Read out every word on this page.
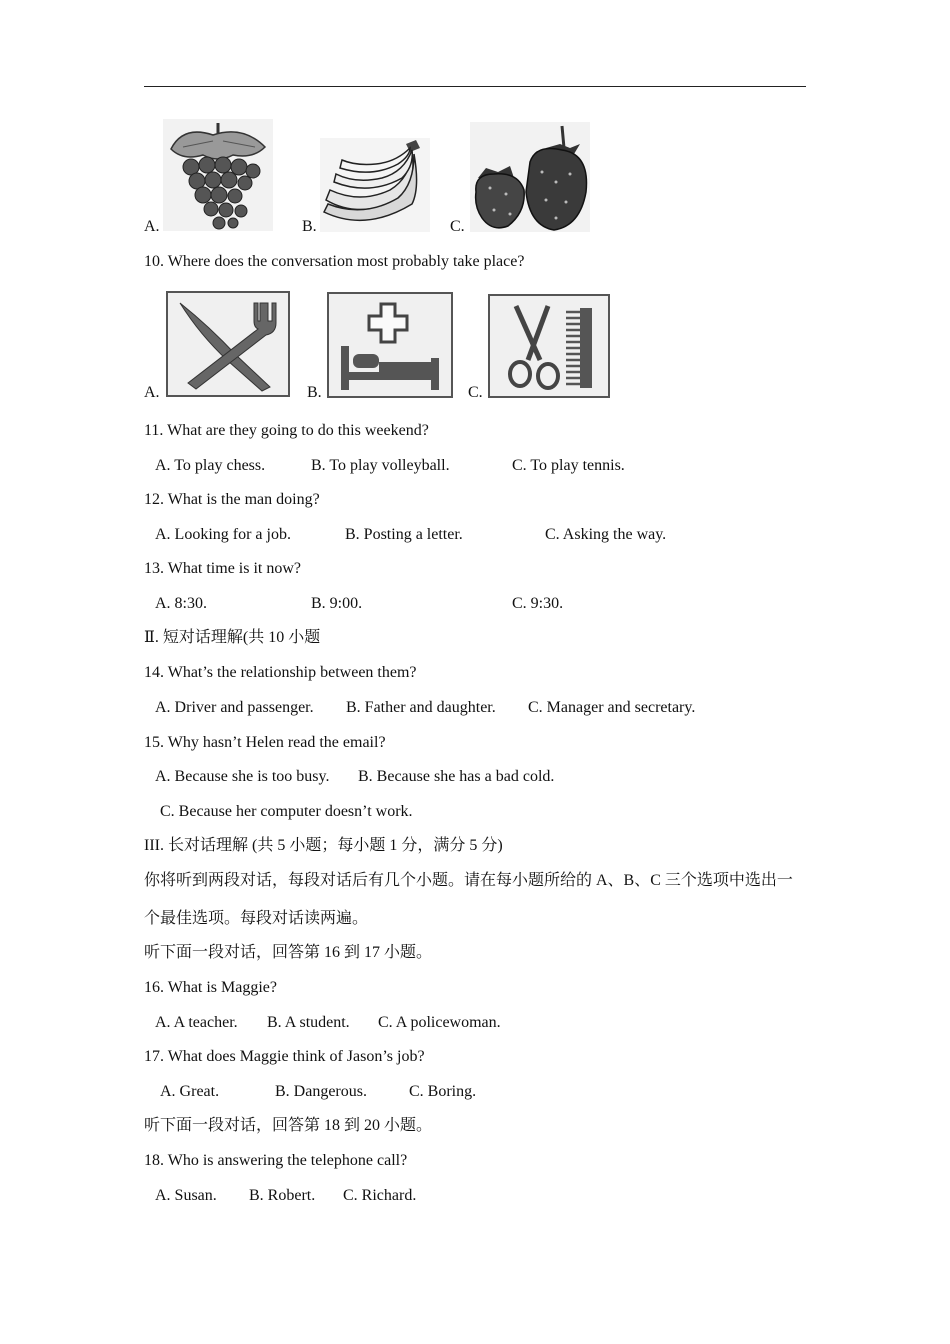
A.	B.	C.
10. Where does the conversation most probably take place?
A.	B.	C.
11. What are they going to do this weekend?
A. To play chess.	B. To play volleyball.	C. To play tennis.
12. What is the man doing?
A. Looking for a job.	B. Posting a letter.	C. Asking the way.
13. What time is it now?
A. 8:30.	B. 9:00.	C. 9:30.
Ⅱ. 短对话理解(共 10 小题
14. What’s the relationship between them?
A. Driver and passenger. B. Father and daughter. C. Manager and secretary.
15. Why hasn’t Helen read the email?
A. Because she is too busy. B. Because she has a bad cold.
C. Because her computer doesn’t work.
III. 长对话理解 (共 5 小题；每小题 1 分，满分 5 分)
你将听到两段对话，每段对话后有几个小题。请在每小题所给的 A、B、C 三个选项中选出一
个最佳选项。每段对话读两遍。
听下面一段对话，回答第 16 到 17 小题。
16. What is Maggie?
A. A teacher. B. A student. C. A policewoman.
17. What does Maggie think of Jason’s job?
A. Great.	B. Dangerous.	C. Boring.
听下面一段对话，回答第 18 到 20 小题。
18. Who is answering the telephone call?
A. Susan. B. Robert. C. Richard.
